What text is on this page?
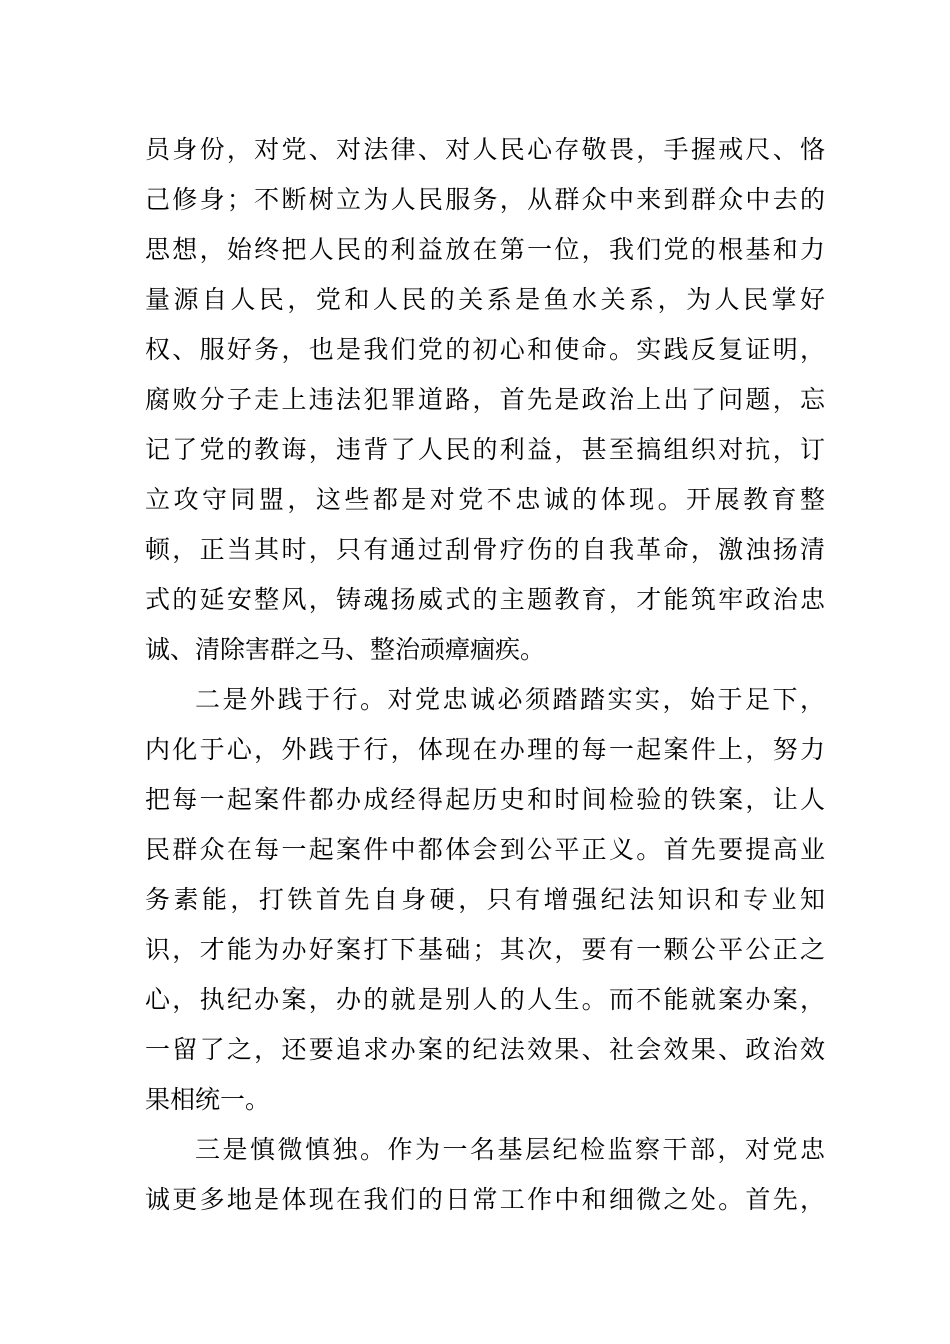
员身份，对党、对法律、对人民心存敬畏，手握戒尺、恪
己修身；不断树立为人民服务，从群众中来到群众中去的
思想，始终把人民的利益放在第一位，我们党的根基和力
量源自人民，党和人民的关系是鱼水关系，为人民掌好
权、服好务，也是我们党的初心和使命。实践反复证明，
腐败分子走上违法犯罪道路，首先是政治上出了问题，忘
记了党的教诲，违背了人民的利益，甚至搞组织对抗，订
立攻守同盟，这些都是对党不忠诚的体现。开展教育整
顿，正当其时，只有通过刮骨疗伤的自我革命，激浊扬清
式的延安整风，铸魂扬威式的主题教育，才能筑牢政治忠
诚、清除害群之马、整治顽瘴痼疾。
二是外践于行。对党忠诚必须踏踏实实，始于足下，
内化于心，外践于行，体现在办理的每一起案件上，努力
把每一起案件都办成经得起历史和时间检验的铁案，让人
民群众在每一起案件中都体会到公平正义。首先要提高业
务素能，打铁首先自身硬，只有增强纪法知识和专业知
识，才能为办好案打下基础；其次，要有一颗公平公正之
心，执纪办案，办的就是别人的人生。而不能就案办案，
一留了之，还要追求办案的纪法效果、社会效果、政治效
果相统一。
三是慎微慎独。作为一名基层纪检监察干部，对党忠
诚更多地是体现在我们的日常工作中和细微之处。首先，
